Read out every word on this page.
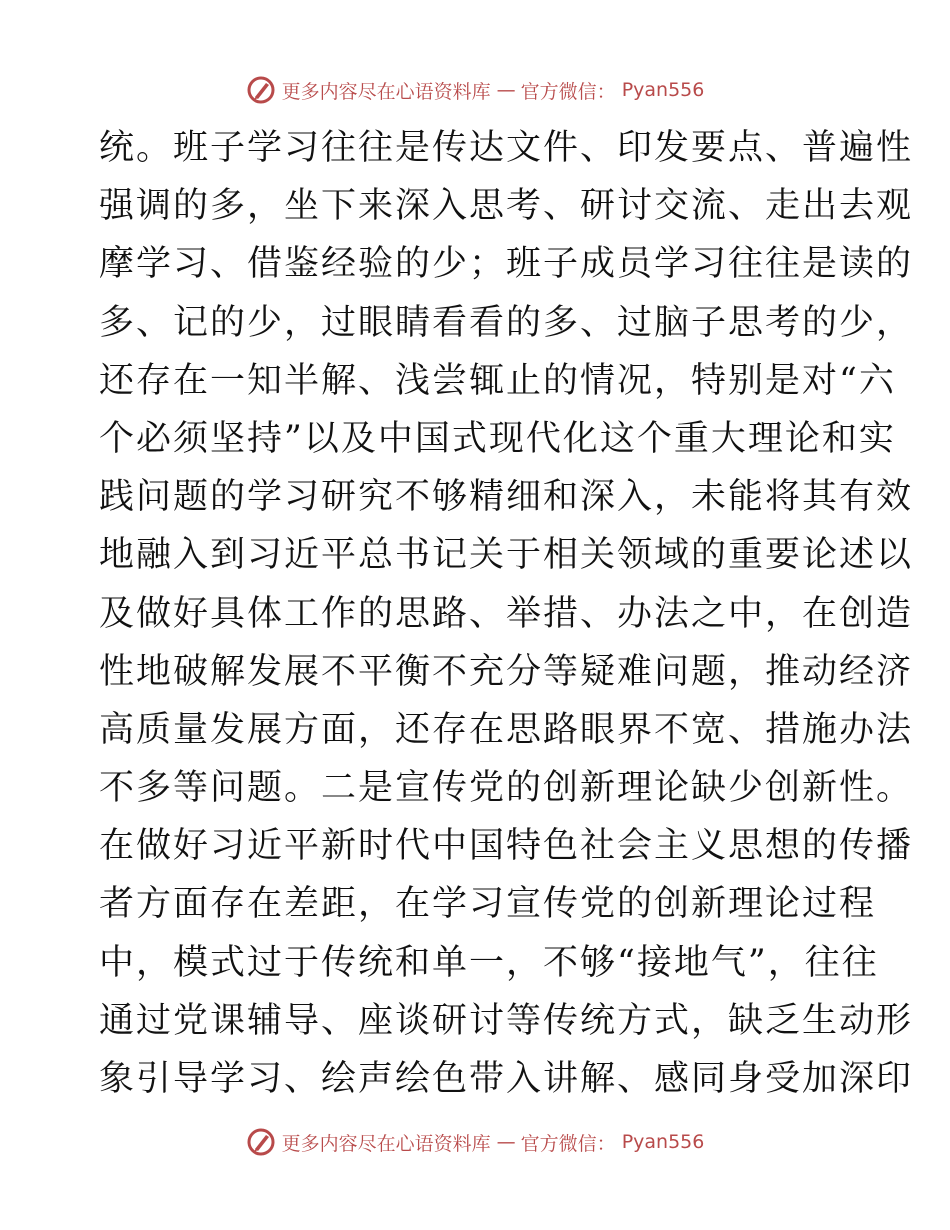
更多内容尽在心语资料库 — 官方微信： Pyan556
统。班子学习往往是传达文件、印发要点、普遍性
强调的多，坐下来深入思考、研讨交流、走出去观
摩学习、借鉴经验的少；班子成员学习往往是读的
多、记的少，过眼睛看看的多、过脑子思考的少，
还存在一知半解、浅尝辄止的情况，特别是对“六
个必须坚持”以及中国式现代化这个重大理论和实
践问题的学习研究不够精细和深入，未能将其有效
地融入到习近平总书记关于相关领域的重要论述以
及做好具体工作的思路、举措、办法之中，在创造
性地破解发展不平衡不充分等疑难问题，推动经济
高质量发展方面，还存在思路眼界不宽、措施办法
不多等问题。二是宣传党的创新理论缺少创新性。
在做好习近平新时代中国特色社会主义思想的传播
者方面存在差距，在学习宣传党的创新理论过程
中，模式过于传统和单一，不够“接地气”，往往
通过党课辅导、座谈研讨等传统方式，缺乏生动形
象引导学习、绘声绘色带入讲解、感同身受加深印
更多内容尽在心语资料库 — 官方微信： Pyan556
